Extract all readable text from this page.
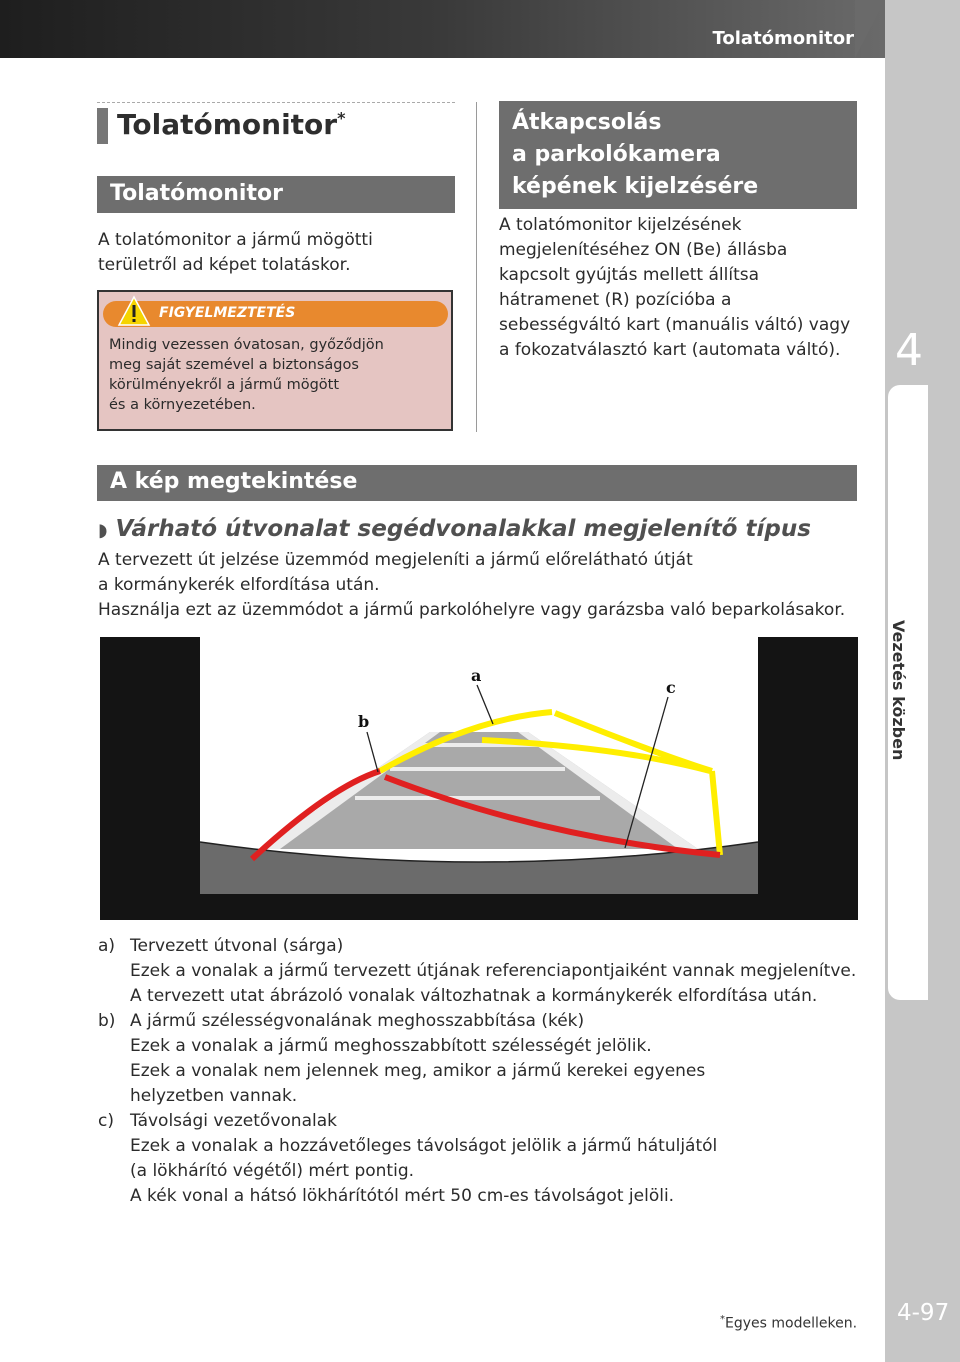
Tolatómonitor
4
Vezetés közben
4-97
Tolatómonitor*
Tolatómonitor
A tolatómonitor a jármű mögötti
területről ad képet tolatáskor.
FIGYELMEZTETÉS
Mindig vezessen óvatosan, győződjön
meg saját szemével a biztonságos
körülményekről a jármű mögött
és a környezetében.
Átkapcsolás
a parkolókamera
képének kijelzésére
A tolatómonitor kijelzésének
megjelenítéséhez ON (Be) állásba
kapcsolt gyújtás mellett állítsa
hátramenet (R) pozícióba a
sebességváltó kart (manuális váltó) vagy
a fokozatválasztó kart (automata váltó).
A kép megtekintése
◗ Várható útvonalat segédvonalakkal megjelenítő típus
A tervezett út jelzése üzemmód megjeleníti a jármű előrelátható útját
a kormánykerék elfordítása után.
Használja ezt az üzemmódot a jármű parkolóhelyre vagy garázsba való beparkolásakor.
a
b
c
a) Tervezett útvonal (sárga)
Ezek a vonalak a jármű tervezett útjának referenciapontjaiként vannak megjelenítve.
A tervezett utat ábrázoló vonalak változhatnak a kormánykerék elfordítása után.
b) A jármű szélességvonalának meghosszabbítása (kék)
Ezek a vonalak a jármű meghosszabbított szélességét jelölik.
Ezek a vonalak nem jelennek meg, amikor a jármű kerekei egyenes
helyzetben vannak.
c) Távolsági vezetővonalak
Ezek a vonalak a hozzávetőleges távolságot jelölik a jármű hátuljától
(a lökhárító végétől) mért pontig.
A kék vonal a hátsó lökhárítótól mért 50 cm-es távolságot jelöli.
*Egyes modelleken.
